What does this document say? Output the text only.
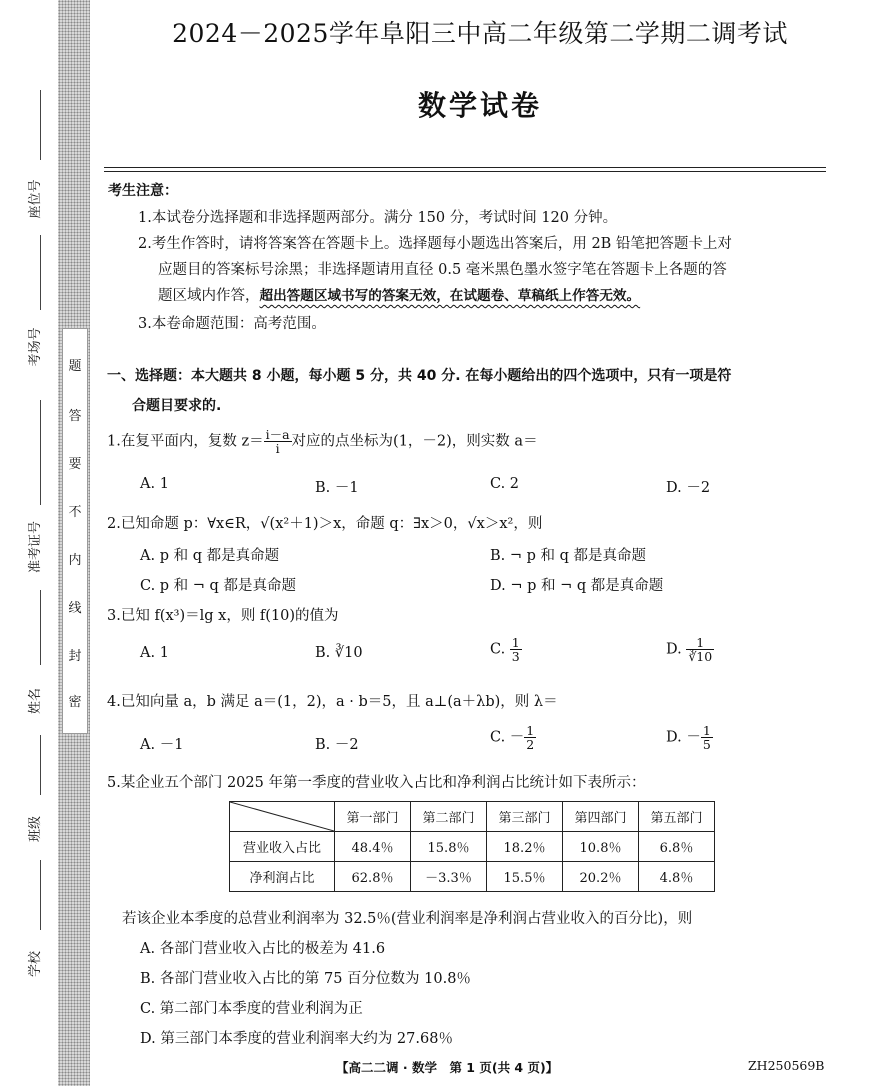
题
答
要
不
内
线
封
密
座位号
考场号
准考证号
姓名
班级
学校
2024－2025学年阜阳三中高二年级第二学期二调考试
数学试卷
考生注意：
1.本试卷分选择题和非选择题两部分。满分 150 分，考试时间 120 分钟。
2.考生作答时，请将答案答在答题卡上。选择题每小题选出答案后，用 2B 铅笔把答题卡上对
应题目的答案标号涂黑；非选择题请用直径 0.5 毫米黑色墨水签字笔在答题卡上各题的答
题区域内作答，超出答题区域书写的答案无效，在试题卷、草稿纸上作答无效。
3.本卷命题范围：高考范围。
一、选择题：本大题共 8 小题，每小题 5 分，共 40 分. 在每小题给出的四个选项中，只有一项是符
合题目要求的.
1.在复平面内，复数 $z= \frac{i-a}{i}$ 对应的点坐标为(1，－2)，则实数 a＝
A. 1	B. －1	C. 2	D. －2
2.已知命题 p：∀x∈R，√(x²＋1)＞x，命题 q：∃x＞0，√x＞x²，则
A. p 和 q 都是真命题	B. ¬ p 和 q 都是真命题
C. p 和 ¬ q 都是真命题	D. ¬ p 和 ¬ q 都是真命题
3.已知 f(x³)＝lg x，则 f(10)的值为
A. 1	B. ∛10	C. $\frac{1}{3}$	D. $\frac{1}{∛10}$
4.已知向量 a，b 满足 a＝(1，2)，a · b＝5，且 a⊥(a＋λb)，则 λ＝
A. －1	B. －2	C. － $\frac{1}{2}$	D. － $\frac{1}{5}$
5.某企业五个部门 2025 年第一季度的营业收入占比和净利润占比统计如下表所示：
	第一部门	第二部门	第三部门	第四部门	第五部门
营业收入占比	48.4％	15.8％	18.2％	10.8％	6.8％
净利润占比	62.8％	－3.3％	15.5％	20.2％	4.8％
若该企业本季度的总营业利润率为 32.5％(营业利润率是净利润占营业收入的百分比)，则
A. 各部门营业收入占比的极差为 41.6
B. 各部门营业收入占比的第 75 百分位数为 10.8％
C. 第二部门本季度的营业利润为正
D. 第三部门本季度的营业利润率大约为 27.68％
【高二二调 · 数学　第 1 页(共 4 页)】	ZH250569B
